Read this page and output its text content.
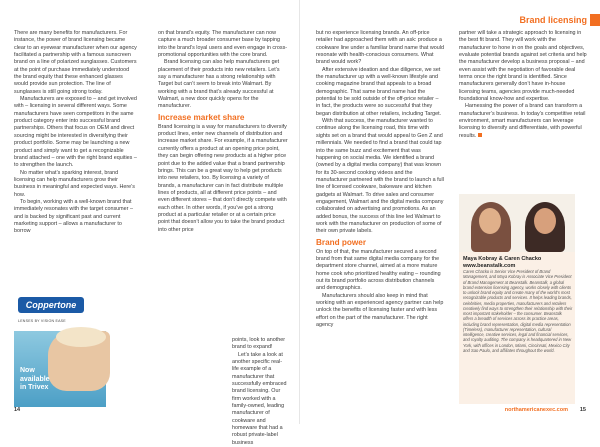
There are many benefits for manufacturers. For instance, the power of brand licensing became clear to an eyewear manufacturer when our agency facilitated a partnership with a famous sunscreen brand on a line of polarized sunglasses. Customers at the point of purchase immediately understood the brand equity that these enhanced glasses would provide sun protection. The line of sunglasses is still going strong today.

Manufacturers are exposed to – and get involved with – licensing in several different ways. Some manufacturers have seen competitors in the same product category enter into successful brand partnerships. Others that focus on OEM and direct sourcing might be interested in diversifying their product portfolio. Some may be launching a new product and simply want to get a recognizable brand attached – one with the right brand equities – to strengthen the launch.

No matter what’s sparking interest, brand licensing can help manufacturers grow their business in meaningful and expected ways. Here’s how.

To begin, working with a well-known brand that immediately resonates with the target consumer – and is backed by significant past and current marketing support – allows a manufacturer to borrow

on that brand’s equity. The manufacturer can now capture a much broader consumer base by tapping into the brand’s loyal users and even engage in cross-promotional opportunities with the core brand.

Brand licensing can also help manufacturers get placement of their products into new retailers. Let’s say a manufacturer has a strong relationship with Target but can’t seem to break into Walmart. By working with a brand that’s already successful at Walmart, a new door quickly opens for the manufacturer.

Increase market share

Brand licensing is a way for manufacturers to diversify product lines, enter new channels of distribution and increase market share. For example, if a manufacturer currently offers a product at an opening price point, they can begin offering new products at a higher price point due to the added value that a brand partnership brings. This can be a great way to help get products into new retailers, too. By licensing a variety of brands, a manufacturer can in fact distribute multiple lines of products, all at different price points – and even different stores – that don’t directly compete with each other. In other words, if you’ve got a strong product at a particular retailer or at a certain price point that doesn’t allow you to take the brand product into other price

points, look to another brand to expand!

Let’s take a look at another specific real-life example of a manufacturer that successfully embraced brand licensing. Our firm worked with a family-owned, leading manufacturer of cookware and homeware that had a robust private-label business

Coppertone
LENSES BY VISION EASE
Now
available
in Trivex
14
Brand licensing

but no experience licensing brands. An off-price retailer had approached them with an ask: produce a cookware line under a familiar brand name that would resonate with health-conscious consumers. What brand would work?

After extensive ideation and due diligence, we set the manufacturer up with a well-known lifestyle and cooking magazine brand that appeals to a broad demographic. That same brand name had the potential to be sold outside of the off-price retailer – in fact, the products were so successful that they began distribution at other retailers, including Target.

With that success, the manufacturer wanted to continue along the licensing road, this time with sights set on a brand that would appeal to Gen Z and millennials. We needed to find a brand that could tap into the same buzz and excitement that was happening on social media. We identified a brand (owned by a digital media company) that was known for its 30-second cooking videos and the manufacturer partnered with the brand to launch a full line of licensed cookware, bakeware and kitchen gadgets at Walmart. To drive sales and consumer engagement, Walmart and the digital media company collaborated on advertising and promotions. As an added bonus, the success of this line led Walmart to work with the manufacturer on production of some of their own private labels.

Brand power

On top of that, the manufacturer secured a second brand from that same digital media company for the department store channel, aimed at a more mature home cook who prioritized healthy eating – rounding out its brand portfolio across distribution channels and demographics.

Manufacturers should also keep in mind that working with an experienced agency partner can help unlock the benefits of licensing faster and with less effort on the part of the manufacturer. The right agency

partner will take a strategic approach to licensing in the best fit brand. They will work with the manufacturer to hone in on the goals and objectives, evaluate potential brands against set criteria and help the manufacturer develop a business proposal – and even assist with the negotiation of favorable deal terms once the right brand is identified. Since manufacturers generally don’t have in-house licensing teams, agencies provide much-needed foundational know-how and expertise.

Harnessing the power of a brand can transform a manufacturer’s business. In today’s competitive retail environment, smart manufacturers can leverage licensing to diversify and differentiate, with powerful results.

northamericanexec.com 15
Maya Kobray & Caren Chacko
www.beanstalk.com
Caren Chacko is Senior Vice President of Brand Management, and Maya Kobray is Associate Vice President of Brand Management at Beanstalk. Beanstalk, a global brand extension licensing agency, works closely with clients to unlock brand equity and create many of the world’s most recognizable products and services. It helps leading brands, celebrities, media properties, manufacturers and retailers creatively find ways to strengthen their relationship with their most important stakeholder – the consumer. Beanstalk offers a breadth of services across its practice areas, including brand representation, digital media representation (Timeless), manufacturer representation, cultural intelligence, creative services, legal and financial services, and royalty auditing. The company is headquartered in New York, with offices in London, Miami, Cincinnati, Mexico City and Sao Paulo, and affiliates throughout the world.
